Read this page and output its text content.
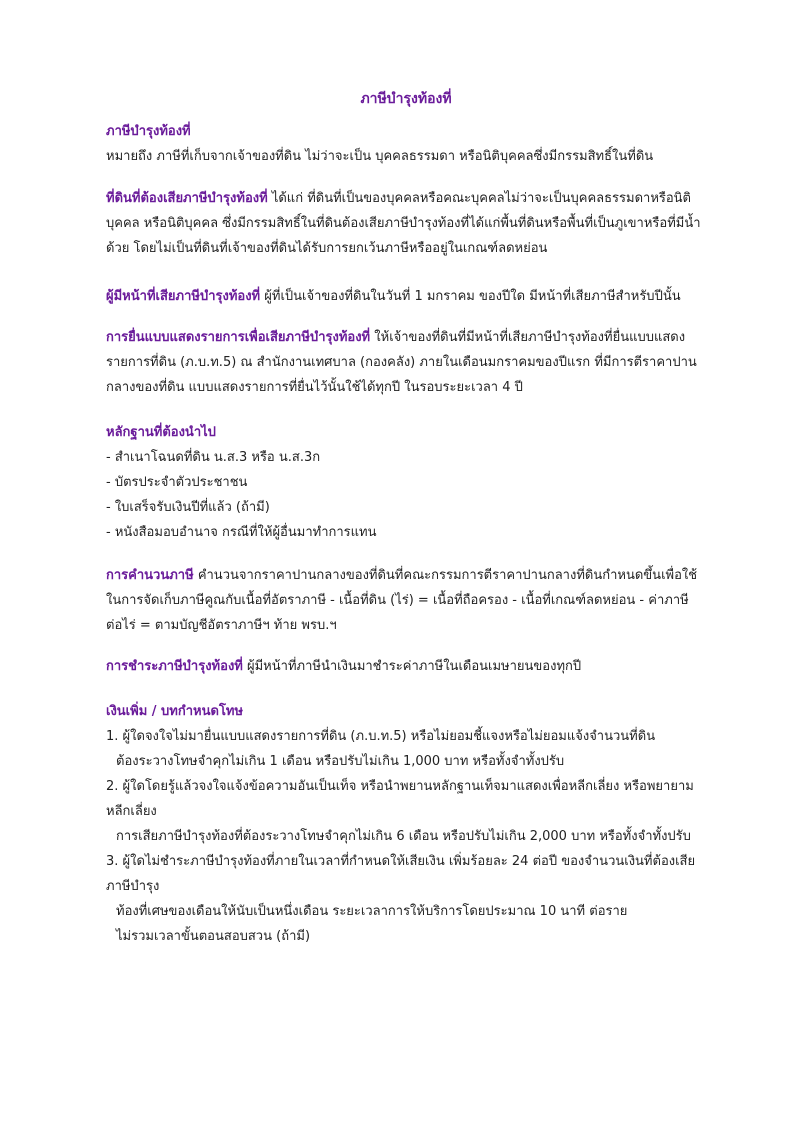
ภาษีบำรุงท้องที่
ภาษีบำรุงท้องที่
หมายถึง ภาษีที่เก็บจากเจ้าของที่ดิน ไม่ว่าจะเป็น บุคคลธรรมดา หรือนิติบุคคลซึ่งมีกรรมสิทธิ์ในที่ดิน
ที่ดินที่ต้องเสียภาษีบำรุงท้องที่ ได้แก่ ที่ดินที่เป็นของบุคคลหรือคณะบุคคลไม่ว่าจะเป็นบุคคลธรรมดาหรือนิติ
บุคคล หรือนิติบุคคล ซึ่งมีกรรมสิทธิ์ในที่ดินต้องเสียภาษีบำรุงท้องที่ได้แก่พื้นที่ดินหรือพื้นที่เป็นภูเขาหรือที่มีน้ำ
ด้วย โดยไม่เป็นที่ดินที่เจ้าของที่ดินได้รับการยกเว้นภาษีหรืออยู่ในเกณฑ์ลดหย่อน
ผู้มีหน้าที่เสียภาษีบำรุงท้องที่ ผู้ที่เป็นเจ้าของที่ดินในวันที่ 1 มกราคม ของปีใด มีหน้าที่เสียภาษีสำหรับปีนั้น
การยื่นแบบแสดงรายการเพื่อเสียภาษีบำรุงท้องที่ ให้เจ้าของที่ดินที่มีหน้าที่เสียภาษีบำรุงท้องที่ยื่นแบบแสดง
รายการที่ดิน (ภ.บ.ท.5) ณ สำนักงานเทศบาล (กองคลัง) ภายในเดือนมกราคมของปีแรก ที่มีการตีราคาปาน
กลางของที่ดิน แบบแสดงรายการที่ยื่นไว้นั้นใช้ได้ทุกปี ในรอบระยะเวลา 4 ปี
หลักฐานที่ต้องนำไป
- สำเนาโฉนดที่ดิน น.ส.3 หรือ น.ส.3ก
- บัตรประจำตัวประชาชน
- ใบเสร็จรับเงินปีที่แล้ว (ถ้ามี)
- หนังสือมอบอำนาจ กรณีที่ให้ผู้อื่นมาทำการแทน
การคำนวนภาษี คำนวนจากราคาปานกลางของที่ดินที่คณะกรรมการตีราคาปานกลางที่ดินกำหนดขึ้นเพื่อใช้
ในการจัดเก็บภาษีคูณกับเนื้อที่อัตราภาษี - เนื้อที่ดิน (ไร่) = เนื้อที่ถือครอง - เนื้อที่เกณฑ์ลดหย่อน - ค่าภาษี
ต่อไร่ = ตามบัญชีอัตราภาษีฯ ท้าย พรบ.ฯ
การชำระภาษีบำรุงท้องที่ ผู้มีหน้าที่ภาษีนำเงินมาชำระค่าภาษีในเดือนเมษายนของทุกปี
เงินเพิ่ม / บทกำหนดโทษ
1. ผู้ใดจงใจไม่มายื่นแบบแสดงรายการที่ดิน (ภ.บ.ท.5) หรือไม่ยอมชี้แจงหรือไม่ยอมแจ้งจำนวนที่ดิน
ต้องระวางโทษจำคุกไม่เกิน 1 เดือน หรือปรับไม่เกิน 1,000 บาท หรือทั้งจำทั้งปรับ
2. ผู้ใดโดยรู้แล้วจงใจแจ้งข้อความอันเป็นเท็จ หรือนำพยานหลักฐานเท็จมาแสดงเพื่อหลีกเลี่ยง หรือพยายาม
หลีกเลี่ยง
การเสียภาษีบำรุงท้องที่ต้องระวางโทษจำคุกไม่เกิน 6 เดือน หรือปรับไม่เกิน 2,000 บาท หรือทั้งจำทั้งปรับ
3. ผู้ใดไม่ชำระภาษีบำรุงท้องที่ภายในเวลาที่กำหนดให้เสียเงิน เพิ่มร้อยละ 24 ต่อปี ของจำนวนเงินที่ต้องเสีย
ภาษีบำรุง
ท้องที่เศษของเดือนให้นับเป็นหนึ่งเดือน ระยะเวลาการให้บริการโดยประมาณ 10 นาที ต่อราย
ไม่รวมเวลาขั้นตอนสอบสวน (ถ้ามี)
